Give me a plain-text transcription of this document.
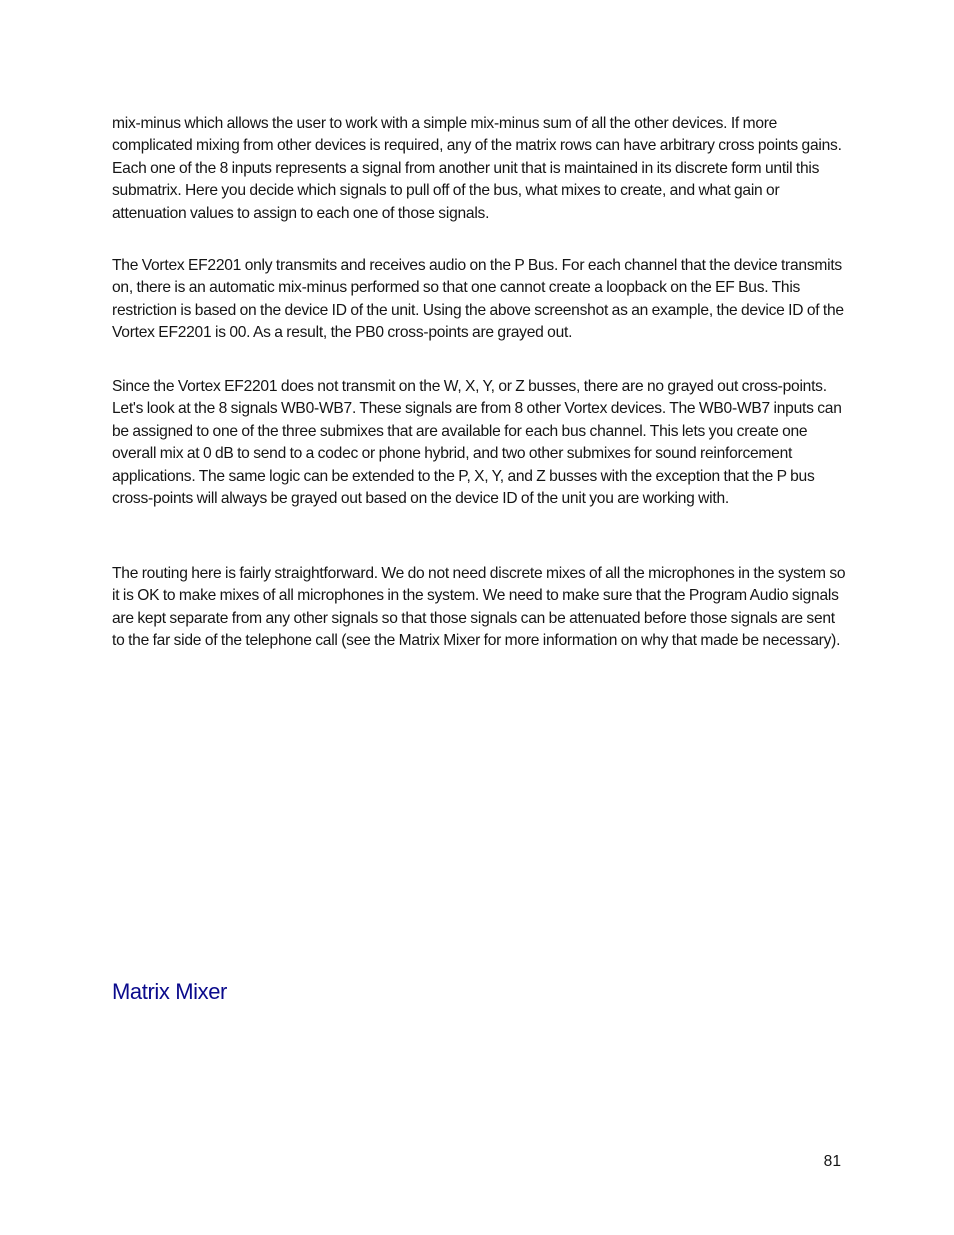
mix-minus which allows the user to work with a simple mix-minus sum of all the other devices. If more complicated mixing from other devices is required, any of the matrix rows can have arbitrary cross points gains. Each one of the 8 inputs represents a signal from another unit that is maintained in its discrete form until this submatrix. Here you decide which signals to pull off of the bus, what mixes to create, and what gain or attenuation values to assign to each one of those signals.

The Vortex EF2201 only transmits and receives audio on the P Bus. For each channel that the device transmits on, there is an automatic mix-minus performed so that one cannot create a loopback on the EF Bus. This restriction is based on the device ID of the unit. Using the above screenshot as an example, the device ID of the Vortex EF2201 is 00. As a result, the PB0 cross-points are grayed out.

Since the Vortex EF2201 does not transmit on the W, X, Y, or Z busses, there are no grayed out cross-points. Let's look at the 8 signals WB0-WB7. These signals are from 8 other Vortex devices. The WB0-WB7 inputs can be assigned to one of the three submixes that are available for each bus channel. This lets you create one overall mix at 0 dB to send to a codec or phone hybrid, and two other submixes for sound reinforcement applications. The same logic can be extended to the P, X, Y, and Z busses with the exception that the P bus cross-points will always be grayed out based on the device ID of the unit you are working with.

The routing here is fairly straightforward. We do not need discrete mixes of all the microphones in the system so it is OK to make mixes of all microphones in the system. We need to make sure that the Program Audio signals are kept separate from any other signals so that those signals can be attenuated before those signals are sent to the far side of the telephone call (see the Matrix Mixer for more information on why that made be necessary).

Matrix Mixer
81
